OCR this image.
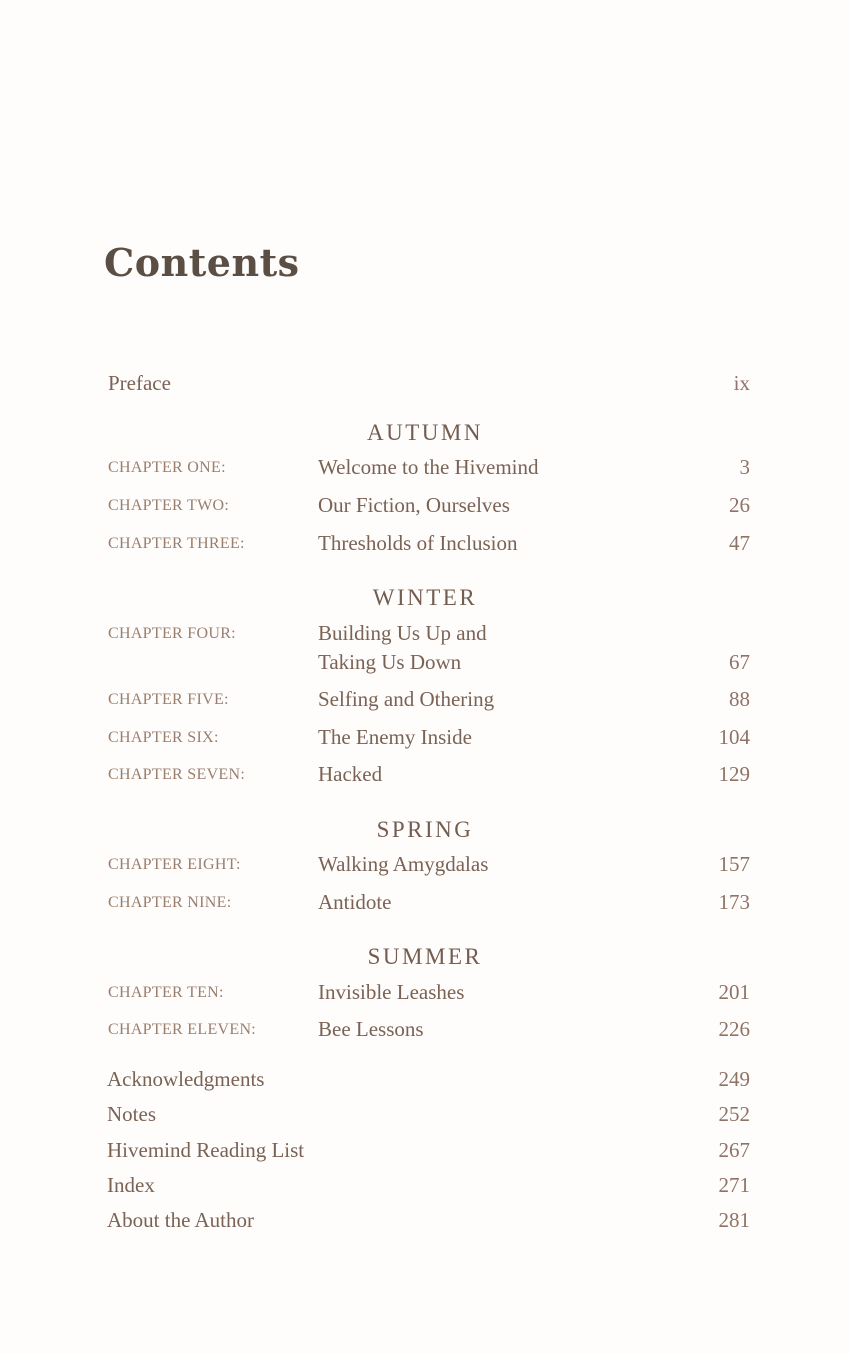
Contents
Preface	ix
AUTUMN
CHAPTER ONE:	Welcome to the Hivemind	3
CHAPTER TWO:	Our Fiction, Ourselves	26
CHAPTER THREE:	Thresholds of Inclusion	47
WINTER
CHAPTER FOUR:	Building Us Up and
Taking Us Down	67
CHAPTER FIVE:	Selfing and Othering	88
CHAPTER SIX:	The Enemy Inside	104
CHAPTER SEVEN:	Hacked	129
SPRING
CHAPTER EIGHT:	Walking Amygdalas	157
CHAPTER NINE:	Antidote	173
SUMMER
CHAPTER TEN:	Invisible Leashes	201
CHAPTER ELEVEN:	Bee Lessons	226
Acknowledgments	249
Notes	252
Hivemind Reading List	267
Index	271
About the Author	281
